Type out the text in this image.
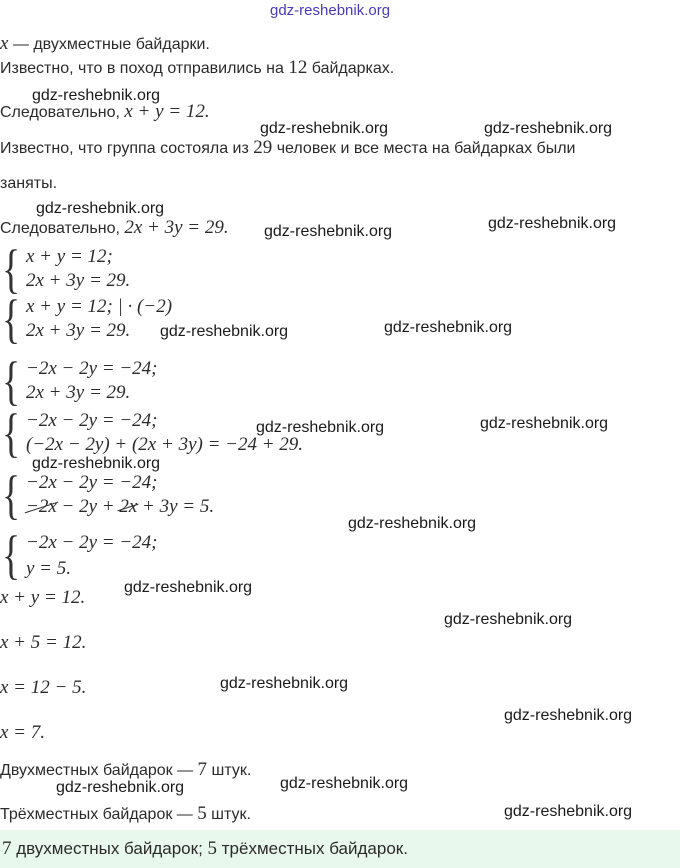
gdz-reshebnik.org
x — двухместные байдарки.
Известно, что в поход отправились на 12 байдарках.
Следовательно, x + y = 12.
Известно, что группа состояла из 29 человек и все места на байдарках были
заняты.
Следовательно, 2x + 3y = 29.
{ x + y = 12;
2x + 3y = 29.
{ x + y = 12; | · (−2)
2x + 3y = 29.
{ −2x − 2y = −24;
2x + 3y = 29.
{ −2x − 2y = −24;
(−2x − 2y) + (2x + 3y) = −24 + 29.
{ −2x − 2y = −24;
−2x − 2y + 2x + 3y = 5.
{ −2x − 2y = −24;
y = 5.
x + y = 12.
x + 5 = 12.
x = 12 − 5.
x = 7.
Двухместных байдарок — 7 штук.
Трёхместных байдарок — 5 штук.
7 двухместных байдарок; 5 трёхместных байдарок.
gdz-reshebnik.org
gdz-reshebnik.org	gdz-reshebnik.org
gdz-reshebnik.org
gdz-reshebnik.org	gdz-reshebnik.org
gdz-reshebnik.org	gdz-reshebnik.org
gdz-reshebnik.org	gdz-reshebnik.org
gdz-reshebnik.org
gdz-reshebnik.org
gdz-reshebnik.org
gdz-reshebnik.org
gdz-reshebnik.org
gdz-reshebnik.org
gdz-reshebnik.org	gdz-reshebnik.org
gdz-reshebnik.org
